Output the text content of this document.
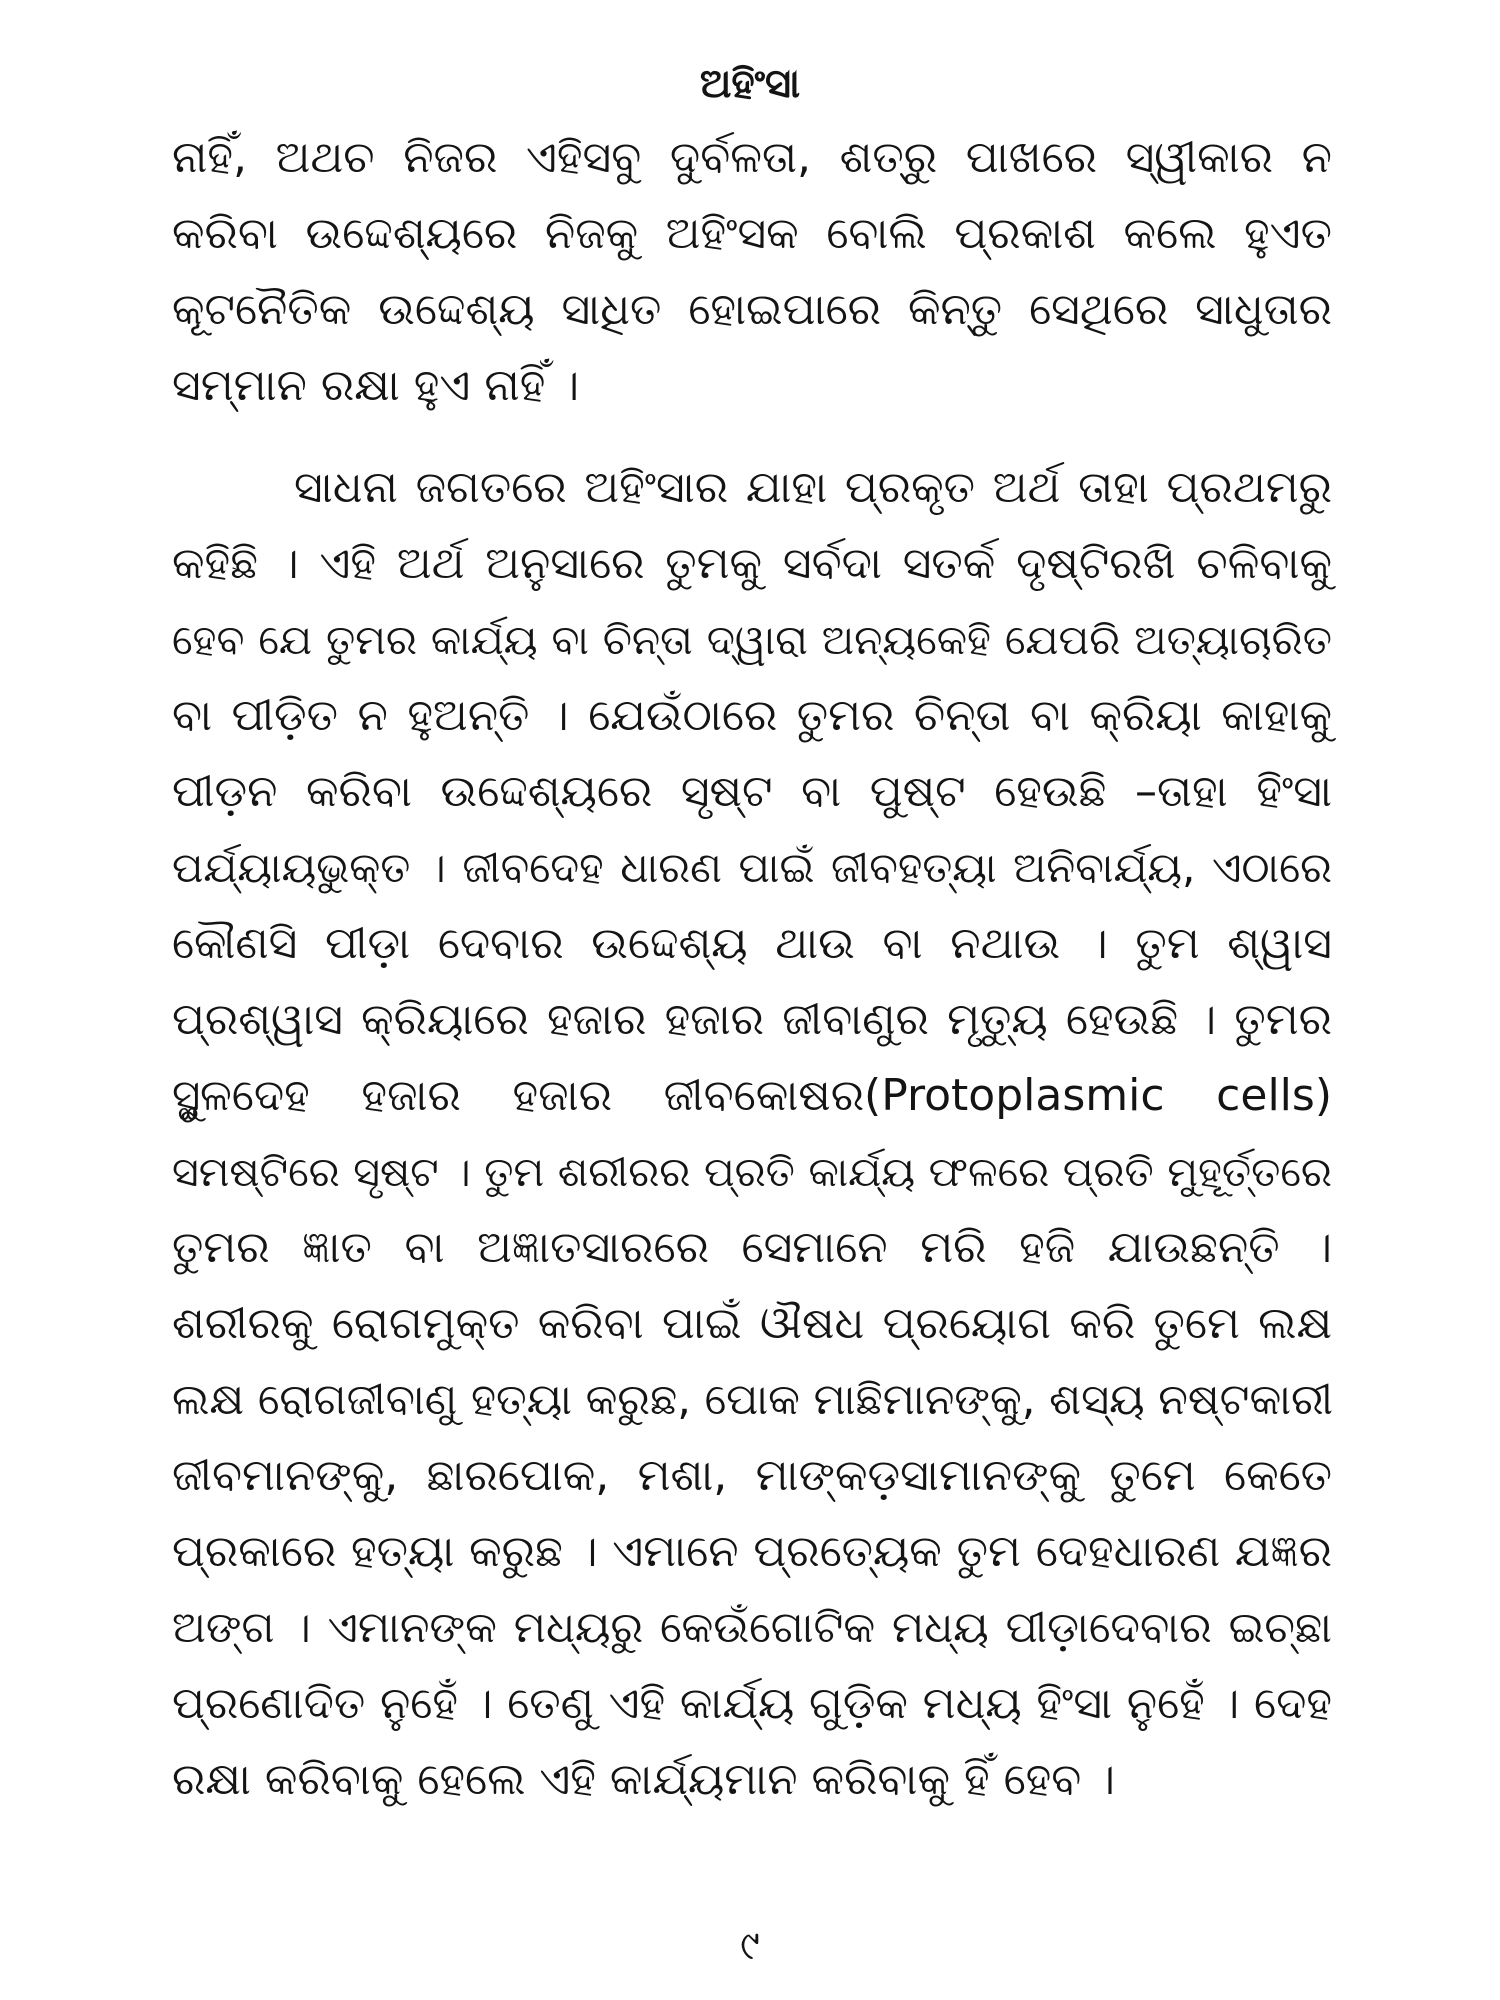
ଅହିଂସା
ନାହିଁ, ଅଥଚ ନିଜର ଏହିସବୁ ଦୁର୍ବଳତା, ଶତ୍ରୁ ପାଖରେ ସ୍ୱୀକାର ନ
କରିବା ଉଦ୍ଦେଶ୍ୟରେ ନିଜକୁ ଅହିଂସକ ବୋଲି ପ୍ରକାଶ କଲେ ହୁଏତ
କୂଟନୈତିକ ଉଦ୍ଦେଶ୍ୟ ସାଧିତ ହୋଇପାରେ କିନ୍ତୁ ସେଥିରେ ସାଧୁତାର
ସମ୍ମାନ ରକ୍ଷା ହୁଏ ନାହିଁ ।
ସାଧନା ଜଗତରେ ଅହିଂସାର ଯାହା ପ୍ରକୃତ ଅର୍ଥ ତାହା ପ୍ରଥମରୁ
କହିଛି । ଏହି ଅର୍ଥ ଅନୁସାରେ ତୁମକୁ ସର୍ବଦା ସତର୍କ ଦୃଷ୍ଟିରଖି ଚଳିବାକୁ
ହେବ ଯେ ତୁମର କାର୍ଯ୍ୟ ବା ଚିନ୍ତା ଦ୍ୱାରା ଅନ୍ୟକେହି ଯେପରି ଅତ୍ୟାଚାରିତ
ବା ପୀଡ଼ିତ ନ ହୁଅନ୍ତି । ଯେଉଁଠାରେ ତୁମର ଚିନ୍ତା ବା କ୍ରିୟା କାହାକୁ
ପୀଡ଼ନ କରିବା ଉଦ୍ଦେଶ୍ୟରେ ସୃଷ୍ଟ ବା ପୁଷ୍ଟ ହେଉଛି –ତାହା ହିଂସା
ପର୍ଯ୍ୟାୟଭୁକ୍ତ । ଜୀବଦେହ ଧାରଣ ପାଇଁ ଜୀବହତ୍ୟା ଅନିବାର୍ଯ୍ୟ, ଏଠାରେ
କୌଣସି ପୀଡ଼ା ଦେବାର ଉଦ୍ଦେଶ୍ୟ ଥାଉ ବା ନଥାଉ । ତୁମ ଶ୍ୱାସ
ପ୍ରଶ୍ୱାସ କ୍ରିୟାରେ ହଜାର ହଜାର ଜୀବାଣୁର ମୃତ୍ୟୁ ହେଉଛି । ତୁମର
ସ୍ଥୁଳଦେହ ହଜାର ହଜାର ଜୀବକୋଷର(Protoplasmic cells)
ସମଷ୍ଟିରେ ସୃଷ୍ଟ । ତୁମ ଶରୀରର ପ୍ରତି କାର୍ଯ୍ୟ ଫଳରେ ପ୍ରତି ମୁହୂର୍ତ୍ତରେ
ତୁମର ଜ୍ଞାତ ବା ଅଜ୍ଞାତସାରରେ ସେମାନେ ମରି ହଜି ଯାଉଛନ୍ତି ।
ଶରୀରକୁ ରୋଗମୁକ୍ତ କରିବା ପାଇଁ ଔଷଧ ପ୍ରୟୋଗ କରି ତୁମେ ଲକ୍ଷ
ଲକ୍ଷ ରୋଗଜୀବାଣୁ ହତ୍ୟା କରୁଛ, ପୋକ ମାଛିମାନଙ୍କୁ, ଶସ୍ୟ ନଷ୍ଟକାରୀ
ଜୀବମାନଙ୍କୁ, ଛାରପୋକ, ମଶା, ମାଙ୍କଡ଼ସାମାନଙ୍କୁ ତୁମେ କେତେ
ପ୍ରକାରେ ହତ୍ୟା କରୁଛ । ଏମାନେ ପ୍ରତ୍ୟେକ ତୁମ ଦେହଧାରଣ ଯଜ୍ଞର
ଅଙ୍ଗ । ଏମାନଙ୍କ ମଧ୍ୟରୁ କେଉଁଗୋଟିକ ମଧ୍ୟ ପୀଡ଼ାଦେବାର ଇଚ୍ଛା
ପ୍ରଣୋଦିତ ନୁହେଁ । ତେଣୁ ଏହି କାର୍ଯ୍ୟ ଗୁଡ଼ିକ ମଧ୍ୟ ହିଂସା ନୁହେଁ । ଦେହ
ରକ୍ଷା କରିବାକୁ ହେଲେ ଏହି କାର୍ଯ୍ୟମାନ କରିବାକୁ ହିଁ ହେବ ।
୯
